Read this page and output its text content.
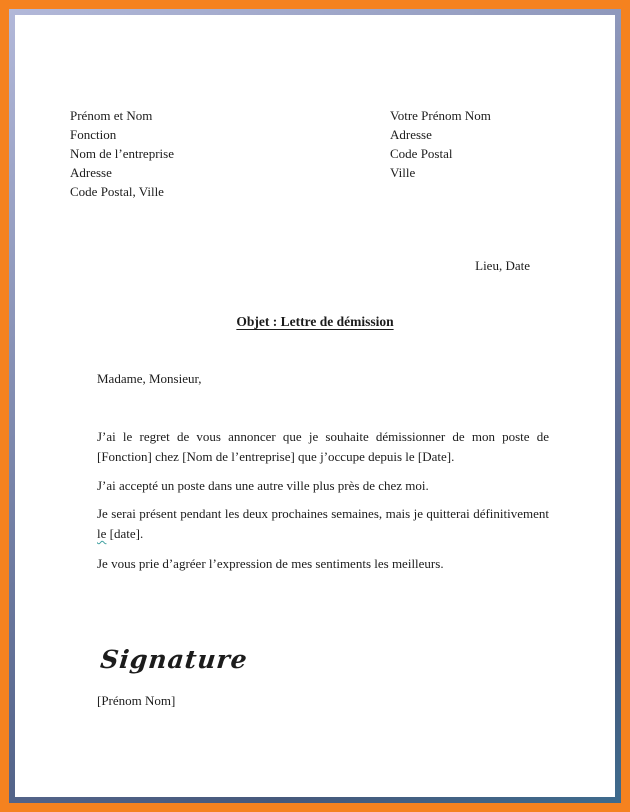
Prénom et Nom
Fonction
Nom de l’entreprise
Adresse
Code Postal, Ville
Votre Prénom Nom
Adresse
Code Postal
Ville
Lieu, Date
Objet : Lettre de démission
Madame, Monsieur,
J’ai le regret de vous annoncer que je souhaite démissionner de mon poste de [Fonction] chez [Nom de l’entreprise] que j’occupe depuis le [Date].
J’ai accepté un poste dans une autre ville plus près de chez moi.
Je serai présent pendant les deux prochaines semaines, mais je quitterai définitivement le [date].
Je vous prie d’agréer l’expression de mes sentiments les meilleurs.
Signature
[Prénom Nom]
